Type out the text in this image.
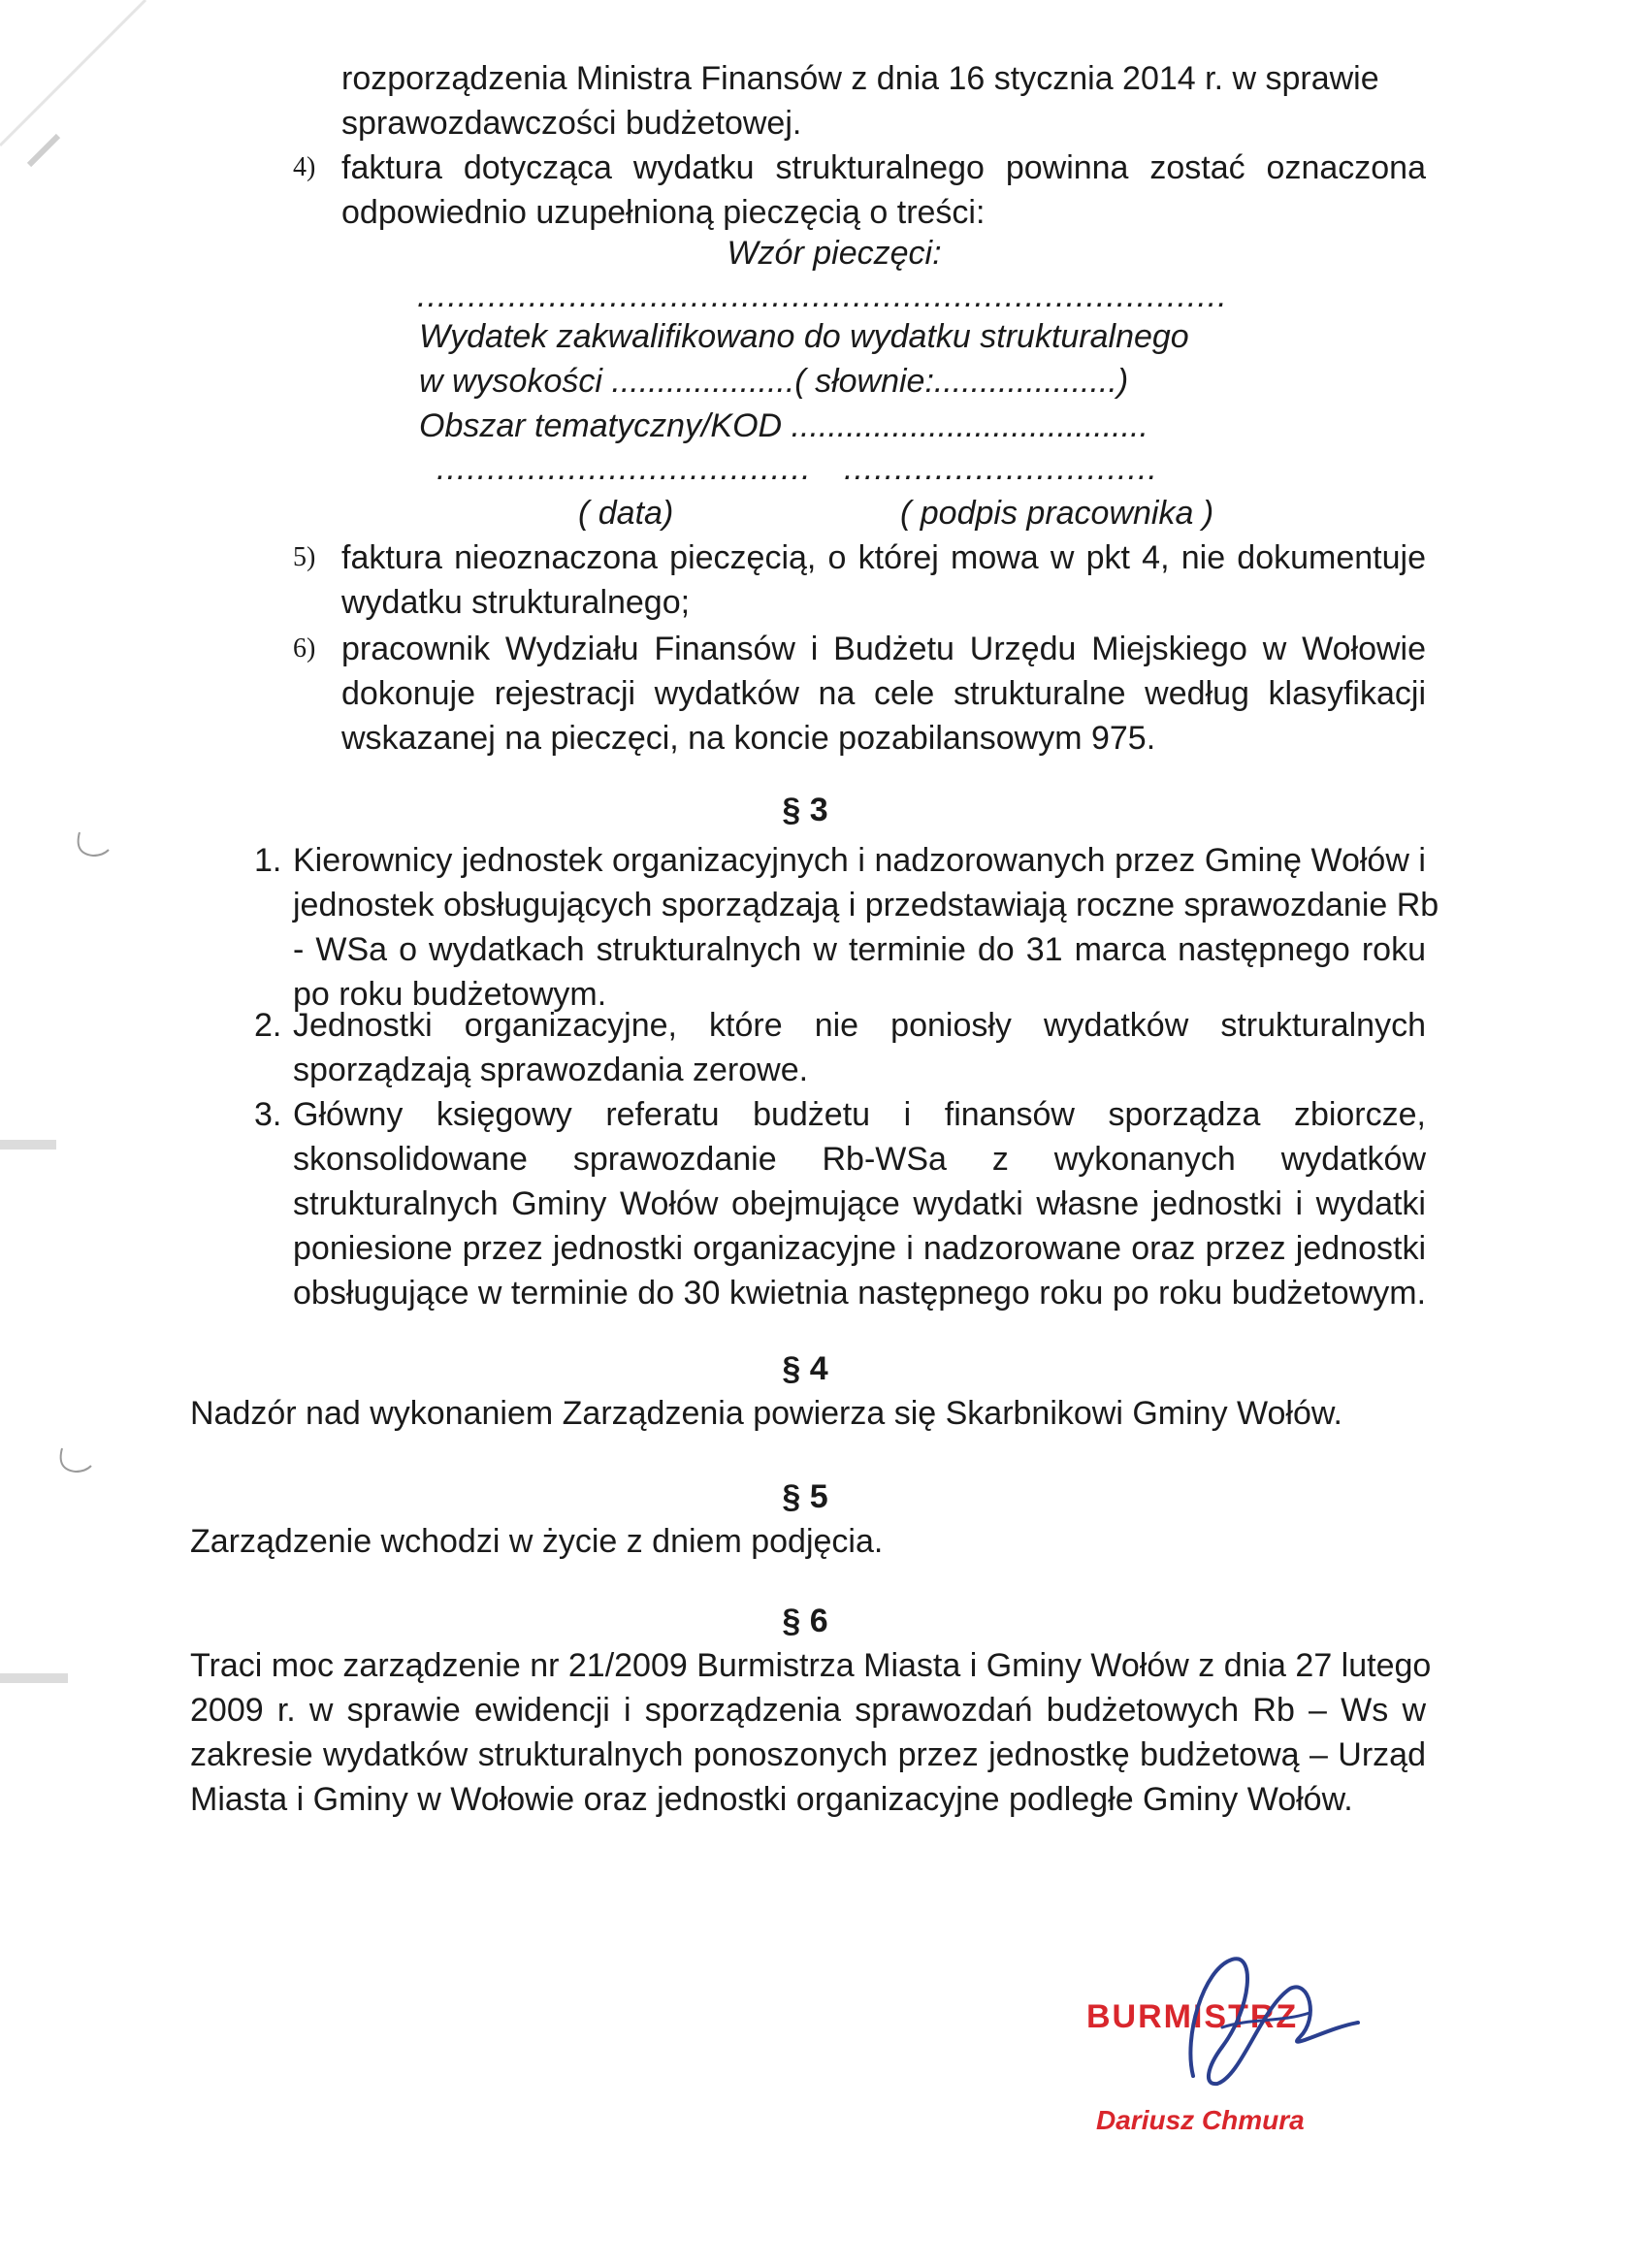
rozporządzenia Ministra Finansów z dnia 16 stycznia 2014 r. w sprawie
sprawozdawczości budżetowej.
4) faktura dotycząca wydatku strukturalnego powinna zostać oznaczona
odpowiednio uzupełnioną pieczęcią o treści:
Wzór pieczęci:
................................................................................
Wydatek zakwalifikowano do wydatku strukturalnego
w wysokości ....................( słownie:....................)
Obszar tematyczny/KOD .......................................
..................................... ...............................
( data)	( podpis pracownika )
5) faktura nieoznaczona pieczęcią, o której mowa w pkt 4, nie dokumentuje
wydatku strukturalnego;
6) pracownik Wydziału Finansów i Budżetu Urzędu Miejskiego w Wołowie
dokonuje rejestracji wydatków na cele strukturalne według klasyfikacji
wskazanej na pieczęci, na koncie pozabilansowym 975.
§ 3
1. Kierownicy jednostek organizacyjnych i nadzorowanych przez Gminę Wołów i
jednostek obsługujących sporządzają i przedstawiają roczne sprawozdanie Rb
- WSa o wydatkach strukturalnych w terminie do 31 marca następnego roku
po roku budżetowym.
2. Jednostki organizacyjne, które nie poniosły wydatków strukturalnych
sporządzają sprawozdania zerowe.
3. Główny księgowy referatu budżetu i finansów sporządza zbiorcze,
skonsolidowane sprawozdanie Rb-WSa z wykonanych wydatków
strukturalnych Gminy Wołów obejmujące wydatki własne jednostki i wydatki
poniesione przez jednostki organizacyjne i nadzorowane oraz przez jednostki
obsługujące w terminie do 30 kwietnia następnego roku po roku budżetowym.
§ 4
Nadzór nad wykonaniem Zarządzenia powierza się Skarbnikowi Gminy Wołów.
§ 5
Zarządzenie wchodzi w życie z dniem podjęcia.
§ 6
Traci moc zarządzenie nr 21/2009 Burmistrza Miasta i Gminy Wołów z dnia 27 lutego
2009 r. w sprawie ewidencji i sporządzenia sprawozdań budżetowych Rb – Ws w
zakresie wydatków strukturalnych ponoszonych przez jednostkę budżetową – Urząd
Miasta i Gminy w Wołowie oraz jednostki organizacyjne podległe Gminy Wołów.
BURMISTRZ
Dariusz Chmura
